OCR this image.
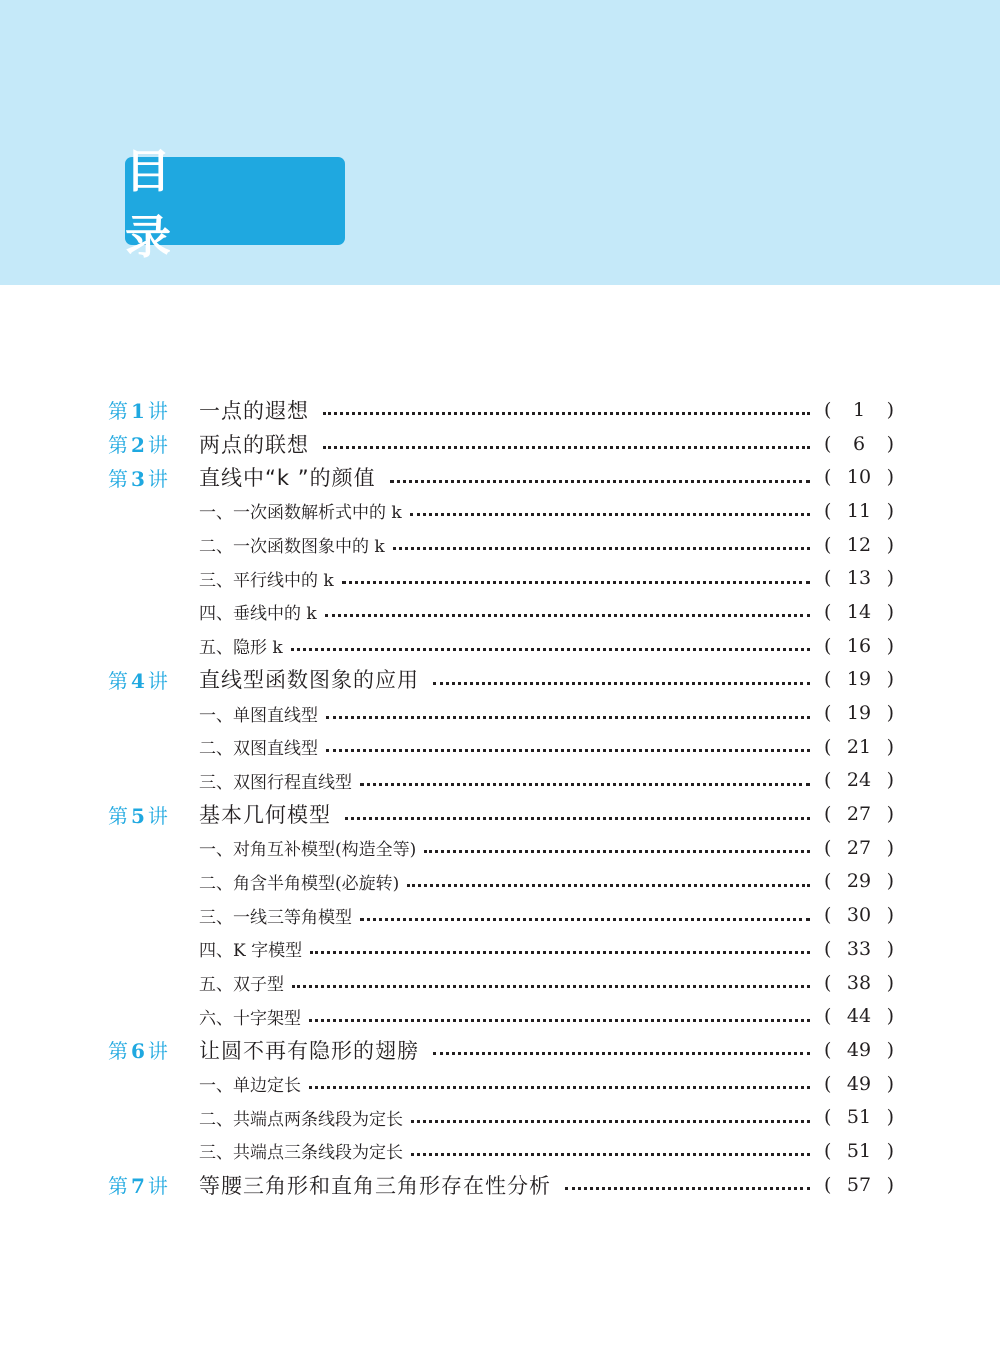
目　录
第 1 讲	一点的遐想	(	1	)
第 2 讲	两点的联想	(	6	)
第 3 讲	直线中“k ”的颜值	( 10 )
一、一次函数解析式中的 k	( 11 )
二、一次函数图象中的 k	( 12 )
三、平行线中的 k	( 13 )
四、垂线中的 k	( 14 )
五、隐形 k	( 16 )
第 4 讲	直线型函数图象的应用	( 19 )
一、单图直线型	( 19 )
二、双图直线型	( 21 )
三、双图行程直线型	( 24 )
第 5 讲	基本几何模型	( 27 )
一、对角互补模型(构造全等)	( 27 )
二、角含半角模型(必旋转)	( 29 )
三、一线三等角模型	( 30 )
四、K 字模型	( 33 )
五、双子型	( 38 )
六、十字架型	( 44 )
第 6 讲	让圆不再有隐形的翅膀	( 49 )
一、单边定长	( 49 )
二、共端点两条线段为定长	( 51 )
三、共端点三条线段为定长	( 51 )
第 7 讲	等腰三角形和直角三角形存在性分析	( 57 )
